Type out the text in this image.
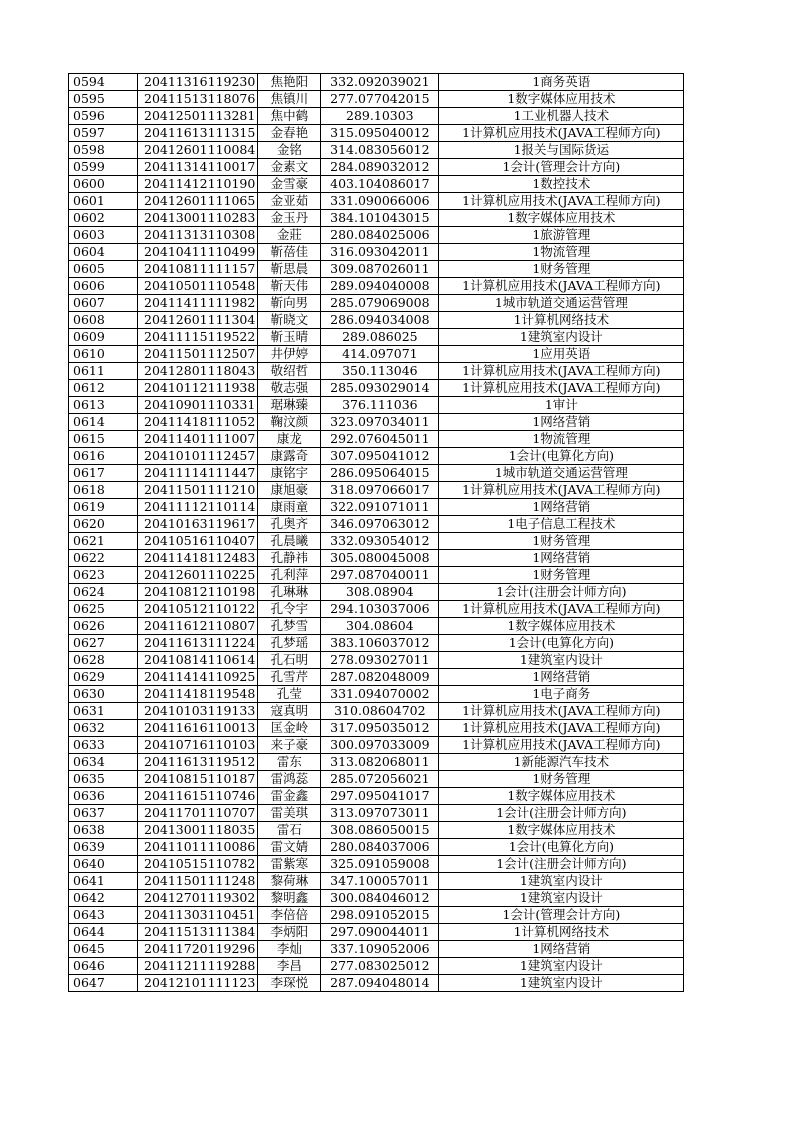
0594	20411316119230	焦艳阳	332.092039021	1商务英语
0595	20411513118076	焦镇川	277.077042015	1数字媒体应用技术
0596	20412501113281	焦中鹤	289.10303	1工业机器人技术
0597	20411613111315	金春艳	315.095040012	1计算机应用技术(JAVA工程师方向)
0598	20412601110084	金铭	314.083056012	1报关与国际货运
0599	20411314110017	金素文	284.089032012	1会计(管理会计方向)
0600	20411412110190	金雪豪	403.104086017	1数控技术
0601	20412601111065	金亚茹	331.090066006	1计算机应用技术(JAVA工程师方向)
0602	20413001110283	金玉丹	384.101043015	1数字媒体应用技术
0603	20411313110308	金莊	280.084025006	1旅游管理
0604	20410411110499	靳蓓佳	316.093042011	1物流管理
0605	20410811111157	靳思晨	309.087026011	1财务管理
0606	20410501110548	靳天伟	289.094040008	1计算机应用技术(JAVA工程师方向)
0607	20411411111982	靳向男	285.079069008	1城市轨道交通运营管理
0608	20412601111304	靳晓文	286.094034008	1计算机网络技术
0609	20411115119522	靳玉晴	289.086025	1建筑室内设计
0610	20411501112507	井伊婷	414.097071	1应用英语
0611	20412801118043	敬绍哲	350.113046	1计算机应用技术(JAVA工程师方向)
0612	20410112111938	敬志强	285.093029014	1计算机应用技术(JAVA工程师方向)
0613	20410901110331	琚琳臻	376.111036	1审计
0614	20411418111052	鞠汶颜	323.097034011	1网络营销
0615	20411401111007	康龙	292.076045011	1物流管理
0616	20410101112457	康露奇	307.095041012	1会计(电算化方向)
0617	20411114111447	康铭宇	286.095064015	1城市轨道交通运营管理
0618	20411501111210	康旭豪	318.097066017	1计算机应用技术(JAVA工程师方向)
0619	20411112110114	康雨童	322.091071011	1网络营销
0620	20410163119617	孔奥齐	346.097063012	1电子信息工程技术
0621	20410516110407	孔晨曦	332.093054012	1财务管理
0622	20411418112483	孔静祎	305.080045008	1网络营销
0623	20412601110225	孔利萍	297.087040011	1财务管理
0624	20410812110198	孔琳琳	308.08904	1会计(注册会计师方向)
0625	20410512110122	孔令宇	294.103037006	1计算机应用技术(JAVA工程师方向)
0626	20411612110807	孔梦雪	304.08604	1数字媒体应用技术
0627	20411613111224	孔梦瑶	383.106037012	1会计(电算化方向)
0628	20410814110614	孔石明	278.093027011	1建筑室内设计
0629	20411414110925	孔雪芹	287.082048009	1网络营销
0630	20411418119548	孔莹	331.094070002	1电子商务
0631	20410103119133	寇真明	310.08604702	1计算机应用技术(JAVA工程师方向)
0632	20411616110013	匡金岭	317.095035012	1计算机应用技术(JAVA工程师方向)
0633	20410716110103	来子豪	300.097033009	1计算机应用技术(JAVA工程师方向)
0634	20411613119512	雷东	313.082068011	1新能源汽车技术
0635	20410815110187	雷鸿蕊	285.072056021	1财务管理
0636	20411615110746	雷金鑫	297.095041017	1数字媒体应用技术
0637	20411701110707	雷美琪	313.097073011	1会计(注册会计师方向)
0638	20413001118035	雷石	308.086050015	1数字媒体应用技术
0639	20411011110086	雷文婧	280.084037006	1会计(电算化方向)
0640	20410515110782	雷紫寒	325.091059008	1会计(注册会计师方向)
0641	20411501111248	黎荷琳	347.100057011	1建筑室内设计
0642	20412701119302	黎明鑫	300.084046012	1建筑室内设计
0643	20411303110451	李倍倍	298.091052015	1会计(管理会计方向)
0644	20411513111384	李炳阳	297.090044011	1计算机网络技术
0645	20411720119296	李灿	337.109052006	1网络营销
0646	20411211119288	李昌	277.083025012	1建筑室内设计
0647	20412101111123	李琛悦	287.094048014	1建筑室内设计
